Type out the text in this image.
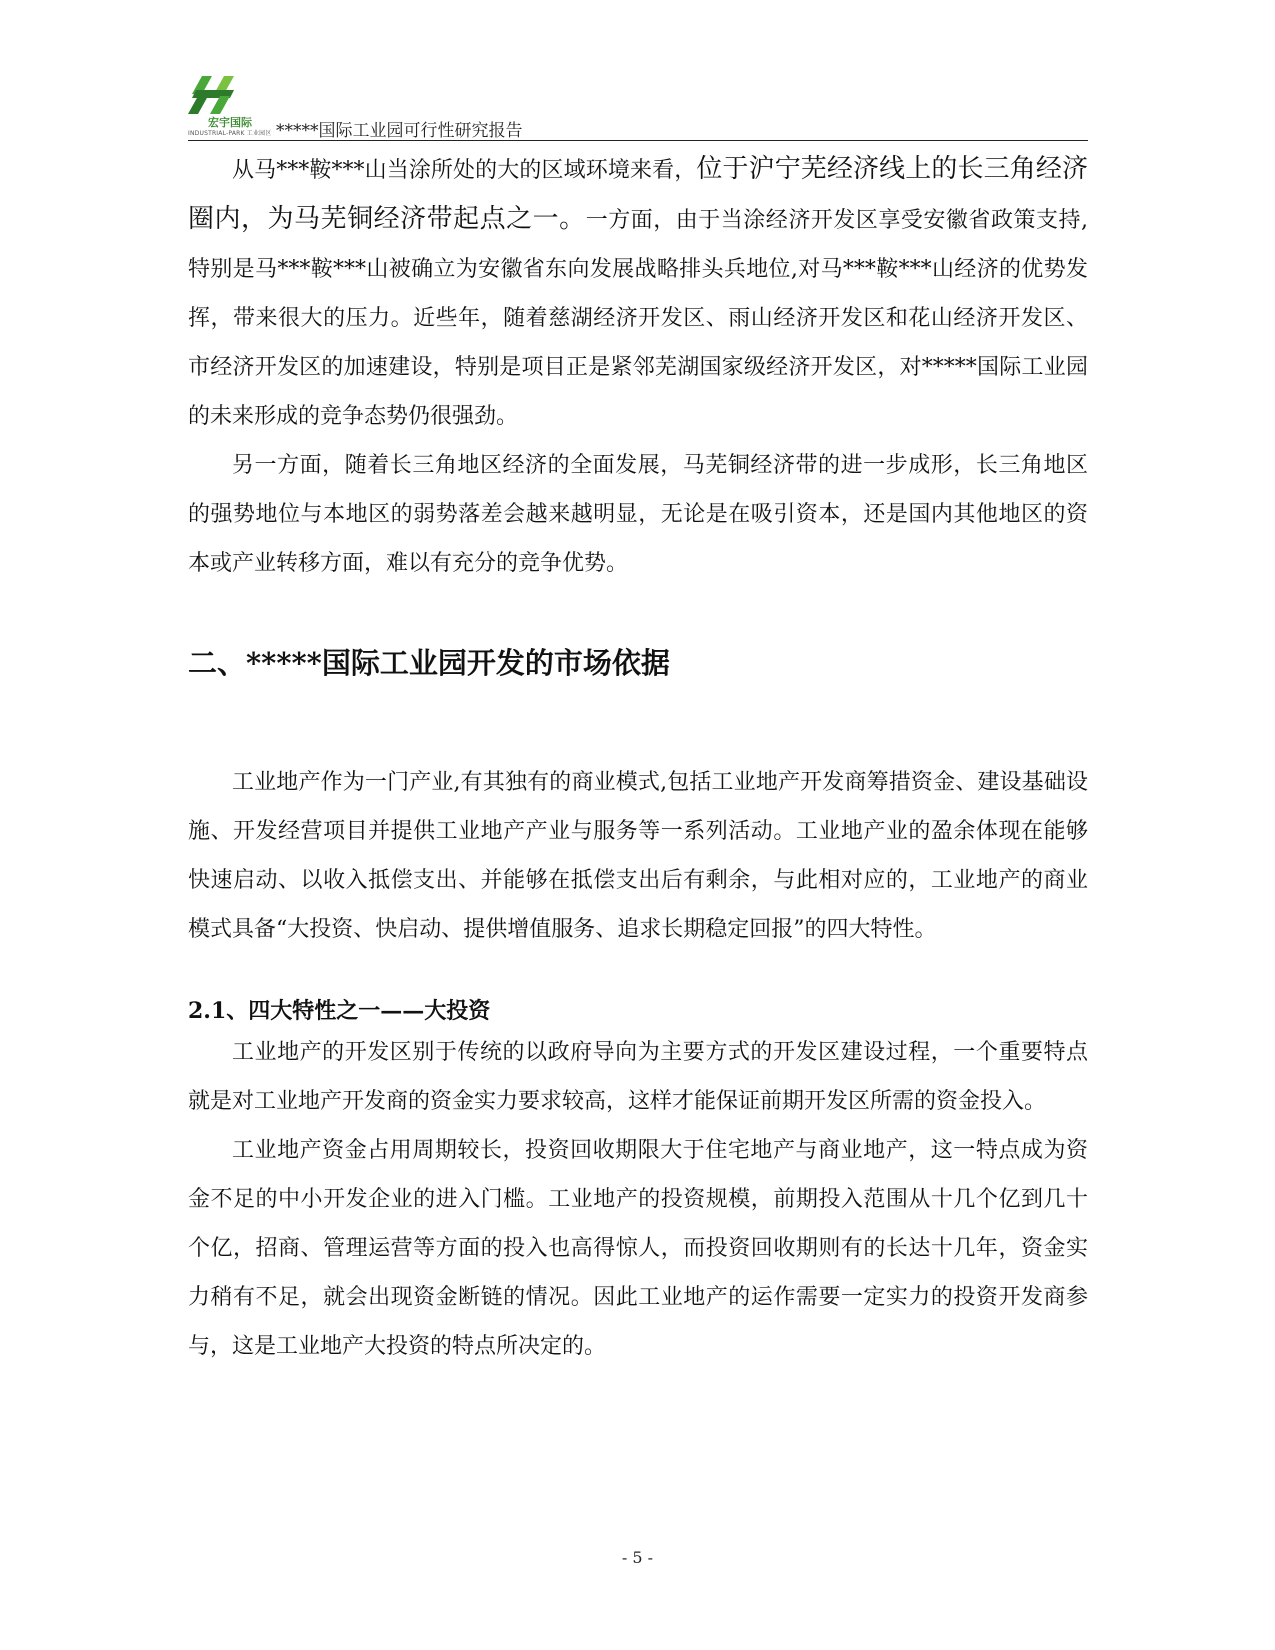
宏宇国际
INDUSTRIAL-PARK 工业园区 *****国际工业园可行性研究报告

从马***鞍***山当涂所处的大的区域环境来看，位于沪宁芜经济线上的长三角经济圈内，为马芜铜经济带起点之一。一方面，由于当涂经济开发区享受安徽省政策支持,特别是马***鞍***山被确立为安徽省东向发展战略排头兵地位,对马***鞍***山经济的优势发挥，带来很大的压力。近些年，随着慈湖经济开发区、雨山经济开发区和花山经济开发区、市经济开发区的加速建设，特别是项目正是紧邻芜湖国家级经济开发区，对*****国际工业园的未来形成的竞争态势仍很强劲。

另一方面，随着长三角地区经济的全面发展，马芜铜经济带的进一步成形，长三角地区的强势地位与本地区的弱势落差会越来越明显，无论是在吸引资本，还是国内其他地区的资本或产业转移方面，难以有充分的竞争优势。

二、*****国际工业园开发的市场依据

工业地产作为一门产业,有其独有的商业模式,包括工业地产开发商筹措资金、建设基础设施、开发经营项目并提供工业地产产业与服务等一系列活动。工业地产业的盈余体现在能够快速启动、以收入抵偿支出、并能够在抵偿支出后有剩余，与此相对应的，工业地产的商业模式具备“大投资、快启动、提供增值服务、追求长期稳定回报”的四大特性。

2.1、四大特性之一——大投资

工业地产的开发区别于传统的以政府导向为主要方式的开发区建设过程，一个重要特点就是对工业地产开发商的资金实力要求较高，这样才能保证前期开发区所需的资金投入。

工业地产资金占用周期较长，投资回收期限大于住宅地产与商业地产，这一特点成为资金不足的中小开发企业的进入门槛。工业地产的投资规模，前期投入范围从十几个亿到几十个亿，招商、管理运营等方面的投入也高得惊人，而投资回收期则有的长达十几年，资金实力稍有不足，就会出现资金断链的情况。因此工业地产的运作需要一定实力的投资开发商参与，这是工业地产大投资的特点所决定的。

- 5 -
